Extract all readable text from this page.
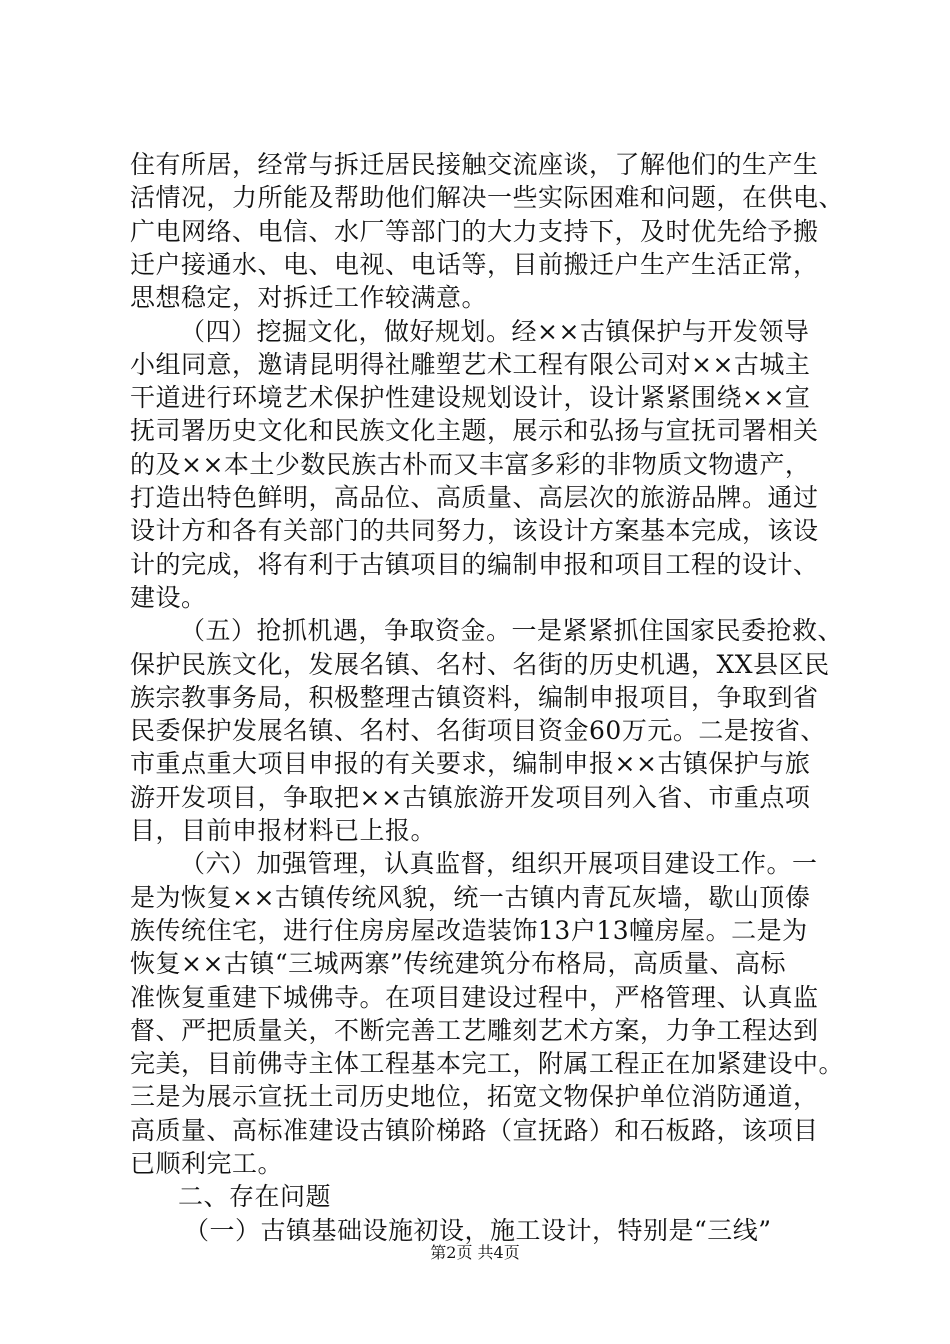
住有所居，经常与拆迁居民接触交流座谈，了解他们的生产生
活情况，力所能及帮助他们解决一些实际困难和问题，在供电、
广电网络、电信、水厂等部门的大力支持下，及时优先给予搬
迁户接通水、电、电视、电话等，目前搬迁户生产生活正常，
思想稳定，对拆迁工作较满意。
（四）挖掘文化，做好规划。经××古镇保护与开发领导
小组同意，邀请昆明得社雕塑艺术工程有限公司对××古城主
干道进行环境艺术保护性建设规划设计，设计紧紧围绕××宣
抚司署历史文化和民族文化主题，展示和弘扬与宣抚司署相关
的及××本土少数民族古朴而又丰富多彩的非物质文物遗产，
打造出特色鲜明，高品位、高质量、高层次的旅游品牌。通过
设计方和各有关部门的共同努力，该设计方案基本完成，该设
计的完成，将有利于古镇项目的编制申报和项目工程的设计、
建设。
（五）抢抓机遇，争取资金。一是紧紧抓住国家民委抢救、
保护民族文化，发展名镇、名村、名街的历史机遇，XX县区民
族宗教事务局，积极整理古镇资料，编制申报项目，争取到省
民委保护发展名镇、名村、名街项目资金60万元。二是按省、
市重点重大项目申报的有关要求，编制申报××古镇保护与旅
游开发项目，争取把××古镇旅游开发项目列入省、市重点项
目，目前申报材料已上报。
（六）加强管理，认真监督，组织开展项目建设工作。一
是为恢复××古镇传统风貌，统一古镇内青瓦灰墙，歇山顶傣
族传统住宅，进行住房房屋改造装饰13户13幢房屋。二是为
恢复××古镇“三城两寨”传统建筑分布格局，高质量、高标
准恢复重建下城佛寺。在项目建设过程中，严格管理、认真监
督、严把质量关，不断完善工艺雕刻艺术方案，力争工程达到
完美，目前佛寺主体工程基本完工，附属工程正在加紧建设中。
三是为展示宣抚土司历史地位，拓宽文物保护单位消防通道，
高质量、高标准建设古镇阶梯路（宣抚路）和石板路，该项目
已顺利完工。
二、存在问题
（一）古镇基础设施初设，施工设计，特别是“三线”
第2页 共4页
